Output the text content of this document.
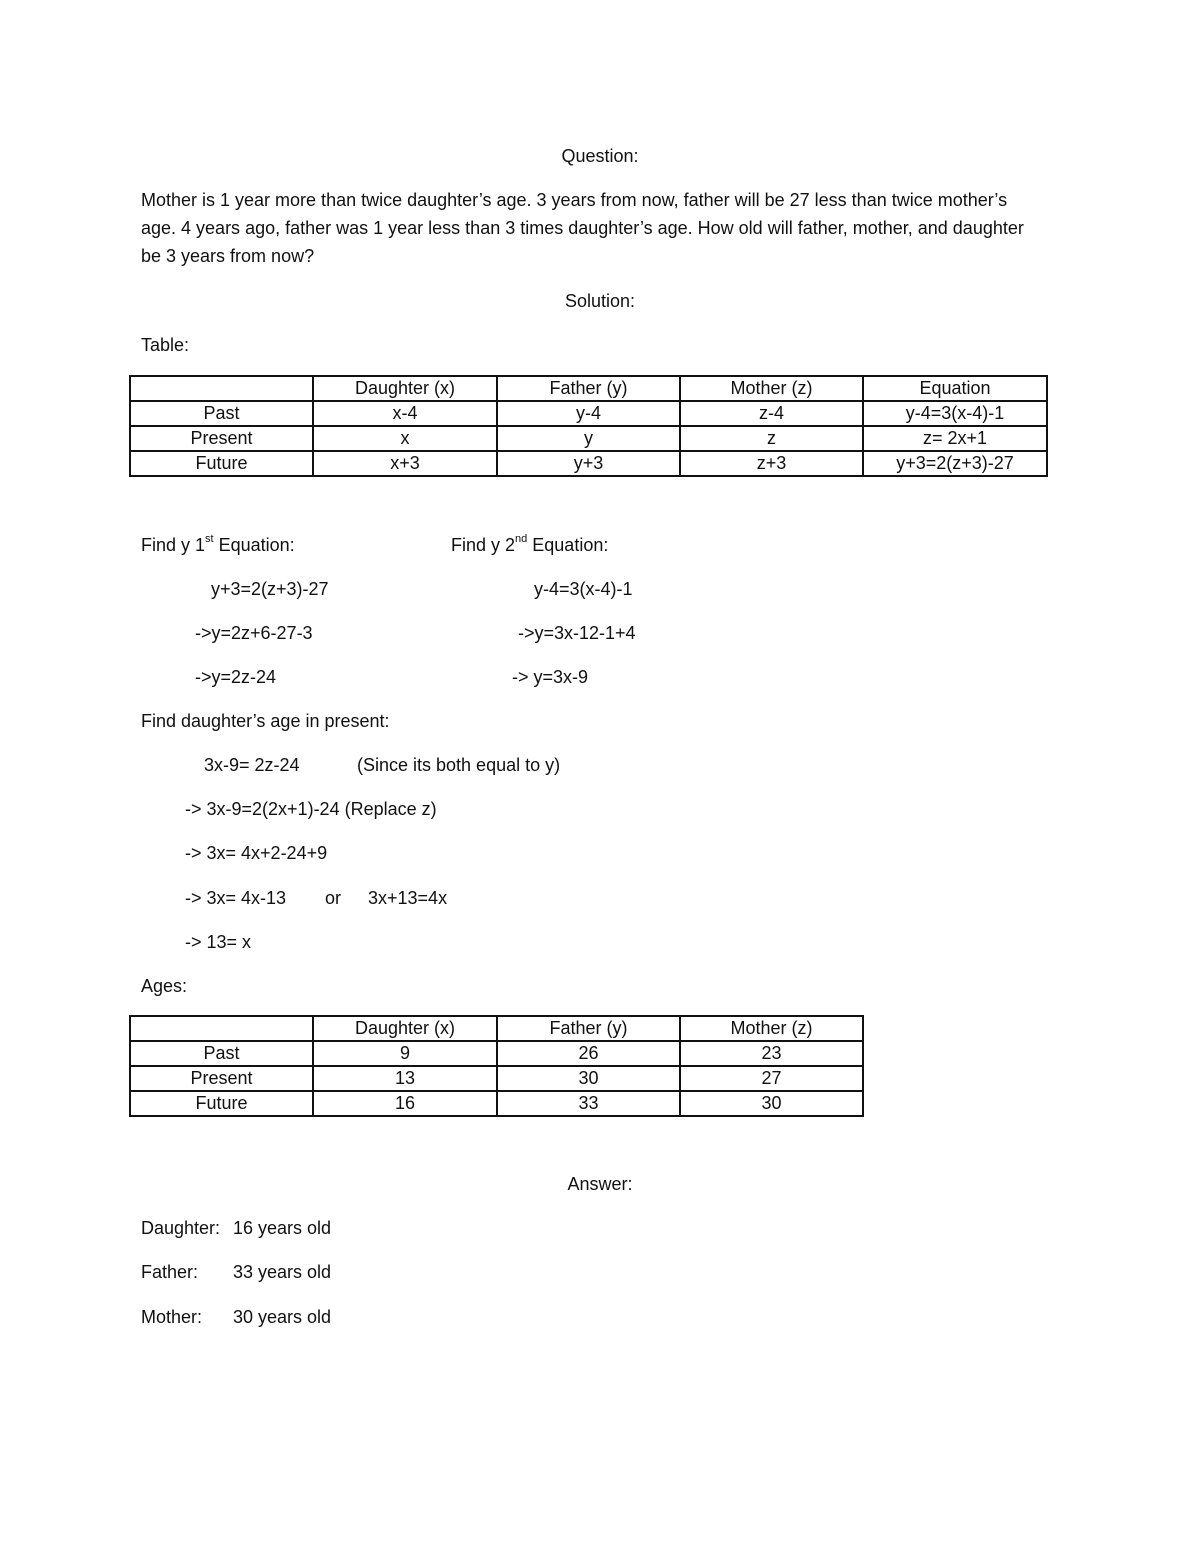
Question:
Mother is 1 year more than twice daughter’s age. 3 years from now, father will be 27 less than twice mother’s age. 4 years ago, father was 1 year less than 3 times daughter’s age. How old will father, mother, and daughter be 3 years from now?
Solution:
Table:
	Daughter (x)	Father (y)	Mother (z)	Equation
Past	x-4	y-4	z-4	y-4=3(x-4)-1
Present	x	y	z	z= 2x+1
Future	x+3	y+3	z+3	y+3=2(z+3)-27
Find y 1st Equation:	Find y 2nd Equation:
y+3=2(z+3)-27
->y=2z+6-27-3
->y=2z-24
y-4=3(x-4)-1
->y=3x-12-1+4
-> y=3x-9
Find daughter’s age in present:
3x-9= 2z-24	(Since its both equal to y)
-> 3x-9=2(2x+1)-24 (Replace z)
-> 3x= 4x+2-24+9
-> 3x= 4x-13 or 3x+13=4x
-> 13= x
Ages:
	Daughter (x)	Father (y)	Mother (z)
Past	9	26	23
Present	13	30	27
Future	16	33	30
Answer:
Daughter: 16 years old
Father: 33 years old
Mother: 30 years old
